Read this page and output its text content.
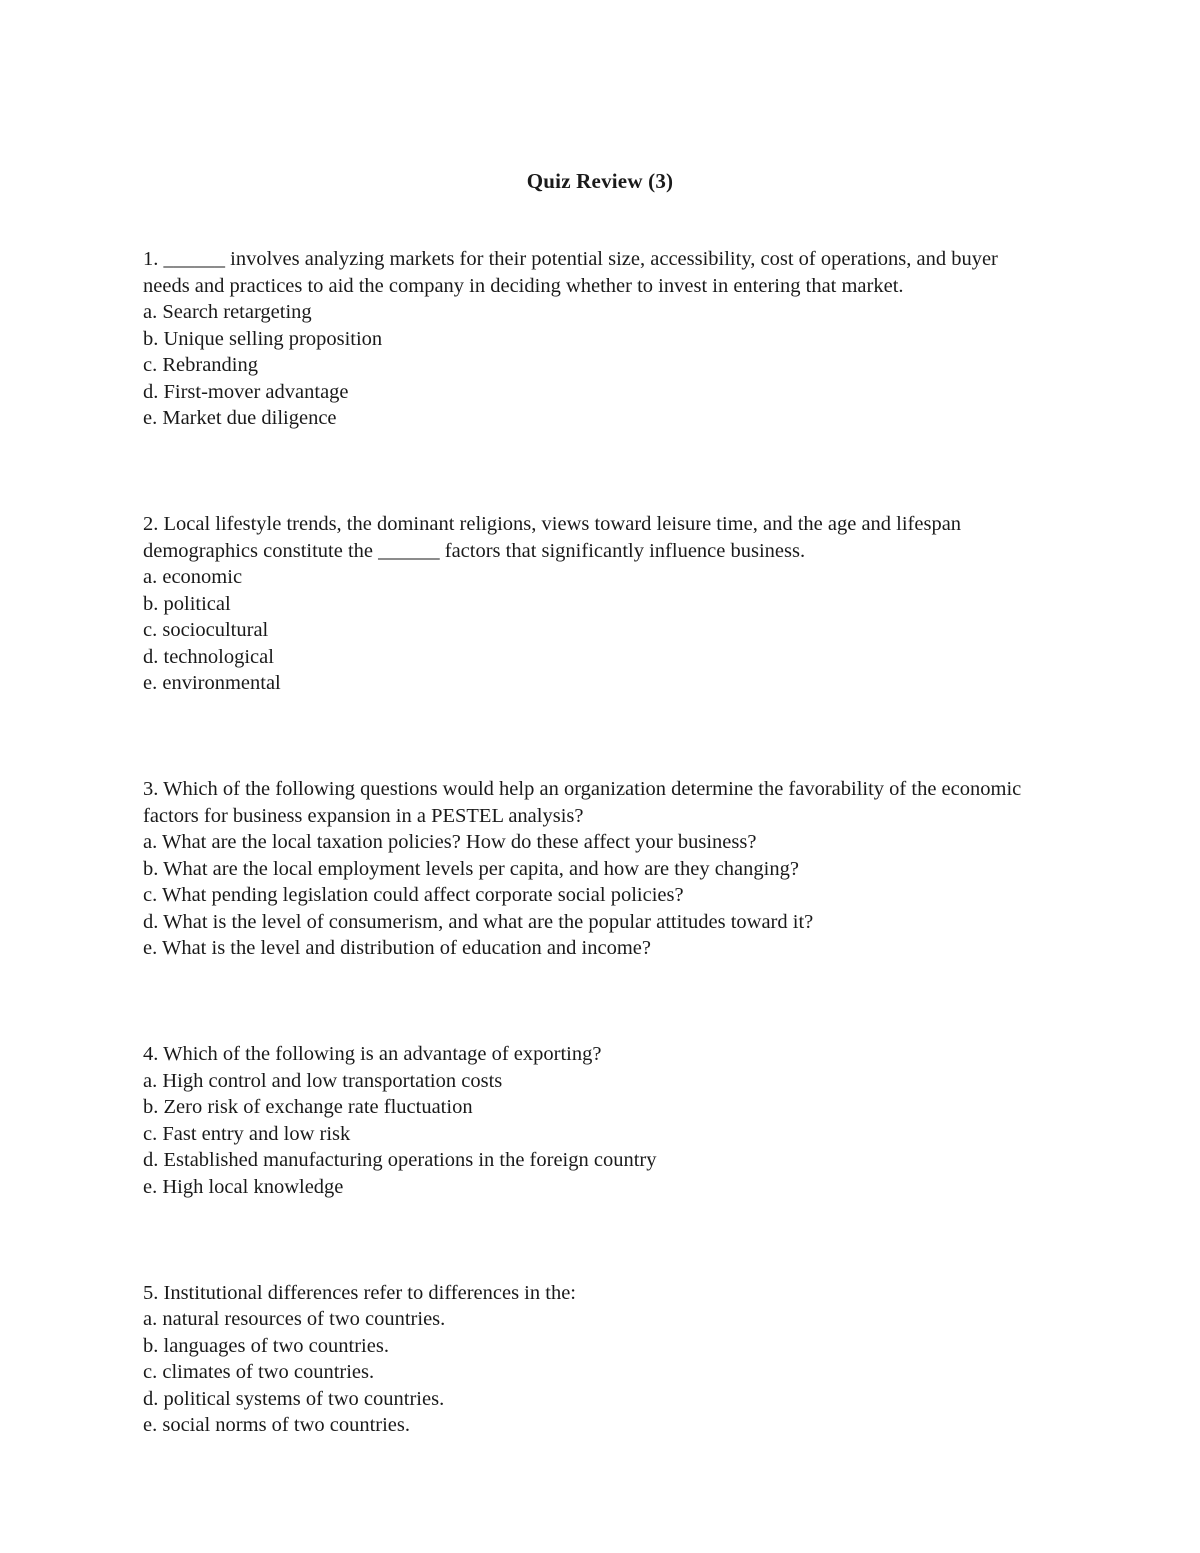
Quiz Review (3)

1. ______ involves analyzing markets for their potential size, accessibility, cost of operations, and buyer needs and practices to aid the company in deciding whether to invest in entering that market.

a. Search retargeting
b. Unique selling proposition
c. Rebranding
d. First-mover advantage
e. Market due diligence

2. Local lifestyle trends, the dominant religions, views toward leisure time, and the age and lifespan demographics constitute the ______ factors that significantly influence business.

a. economic
b. political
c. sociocultural
d. technological
e. environmental

3. Which of the following questions would help an organization determine the favorability of the economic factors for business expansion in a PESTEL analysis?

a. What are the local taxation policies? How do these affect your business?
b. What are the local employment levels per capita, and how are they changing?
c. What pending legislation could affect corporate social policies?
d. What is the level of consumerism, and what are the popular attitudes toward it?
e. What is the level and distribution of education and income?

4. Which of the following is an advantage of exporting?

a. High control and low transportation costs
b. Zero risk of exchange rate fluctuation
c. Fast entry and low risk
d. Established manufacturing operations in the foreign country
e. High local knowledge

5. Institutional differences refer to differences in the:

a. natural resources of two countries.
b. languages of two countries.
c. climates of two countries.
d. political systems of two countries.
e. social norms of two countries.
